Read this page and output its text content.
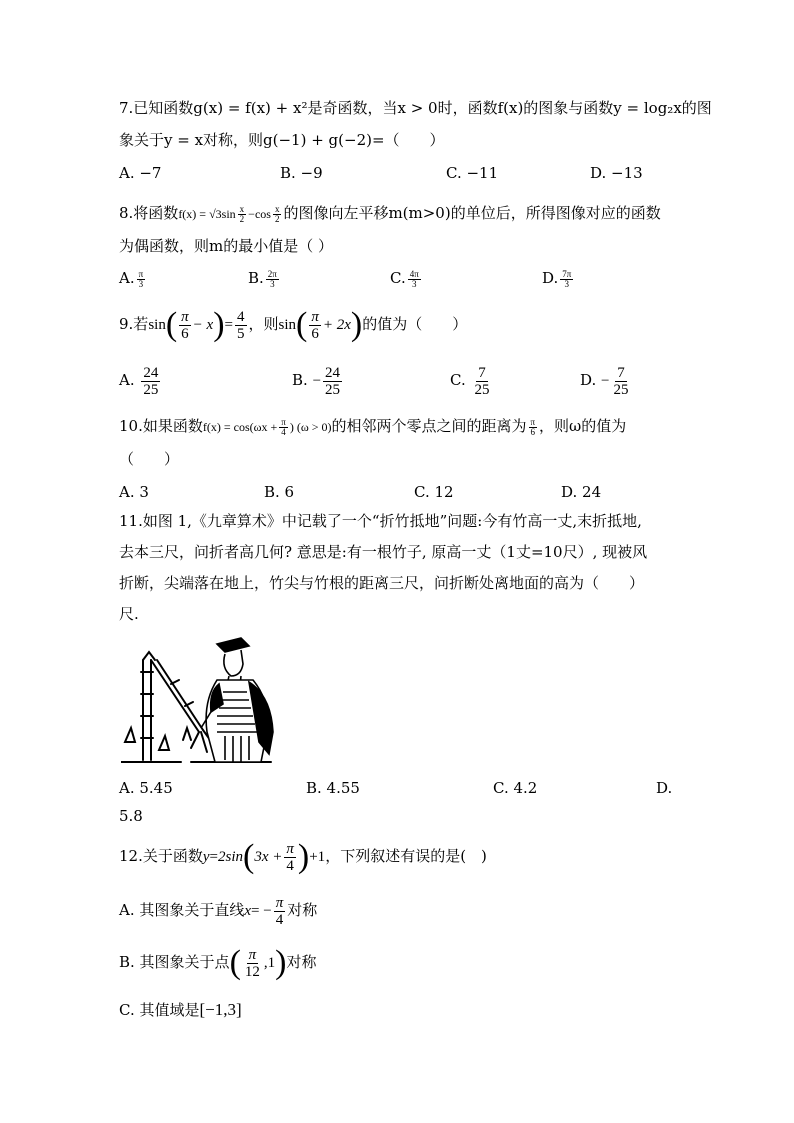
7.已知函数g(x) = f(x) + x²是奇函数，当x > 0时，函数f(x)的图象与函数y = log₂x的图
象关于y = x对称，则g(−1) + g(−2)=（　　）
A. −7	B. −9	C. −11	D. −13
8.将函数$f(x) = √3\sin \frac{x}{2} -\cos \frac{x}{2}$ 的图像向左平移m(m>0)的单位后，所得图像对应的函数
为偶函数，则m的最小值是（ ）
A. $\frac{\pi}{3}$	B. $\frac{2\pi}{3}$	C. $\frac{4\pi}{3}$	D. $\frac{7\pi}{3}$
9.若$\sin( \frac{\pi}{6} - x)= \frac{4}{5}$ ，则$\sin( \frac{\pi}{6} + 2x)$的值为（　　）
A. $\frac{24}{25}$	B. − $\frac{24}{25}$	C. $\frac{7}{25}$	D. − $\frac{7}{25}$
10.如果函数$f(x) = \cos(\omega x + \frac{\pi}{4}$ ) (ω > 0)的相邻两个零点之间的距离为 $\frac{\pi}{6}$ ，则ω的值为
（　　）
A. 3	B. 6	C. 12	D. 24
11.如图 1,《九章算术》中记载了一个“折竹抵地”问题:今有竹高一丈,末折抵地,
去本三尺，问折者高几何? 意思是:有一根竹子, 原高一丈（1丈=10尺）, 现被风
折断，尖端落在地上，竹尖与竹根的距离三尺，问折断处离地面的高为（　　）
尺.
A. 5.45	B. 4.55	C. 4.2	D.
5.8
12.关于函数$y=2\sin(3x + \frac{\pi}{4} )+1$，下列叙述有误的是(　)
A. 其图象关于直线$x= - \frac{\pi}{4}$ 对称
B. 其图象关于点( $\frac{\pi}{12} ,1$)对称
C. 其值域是[−1,3]
